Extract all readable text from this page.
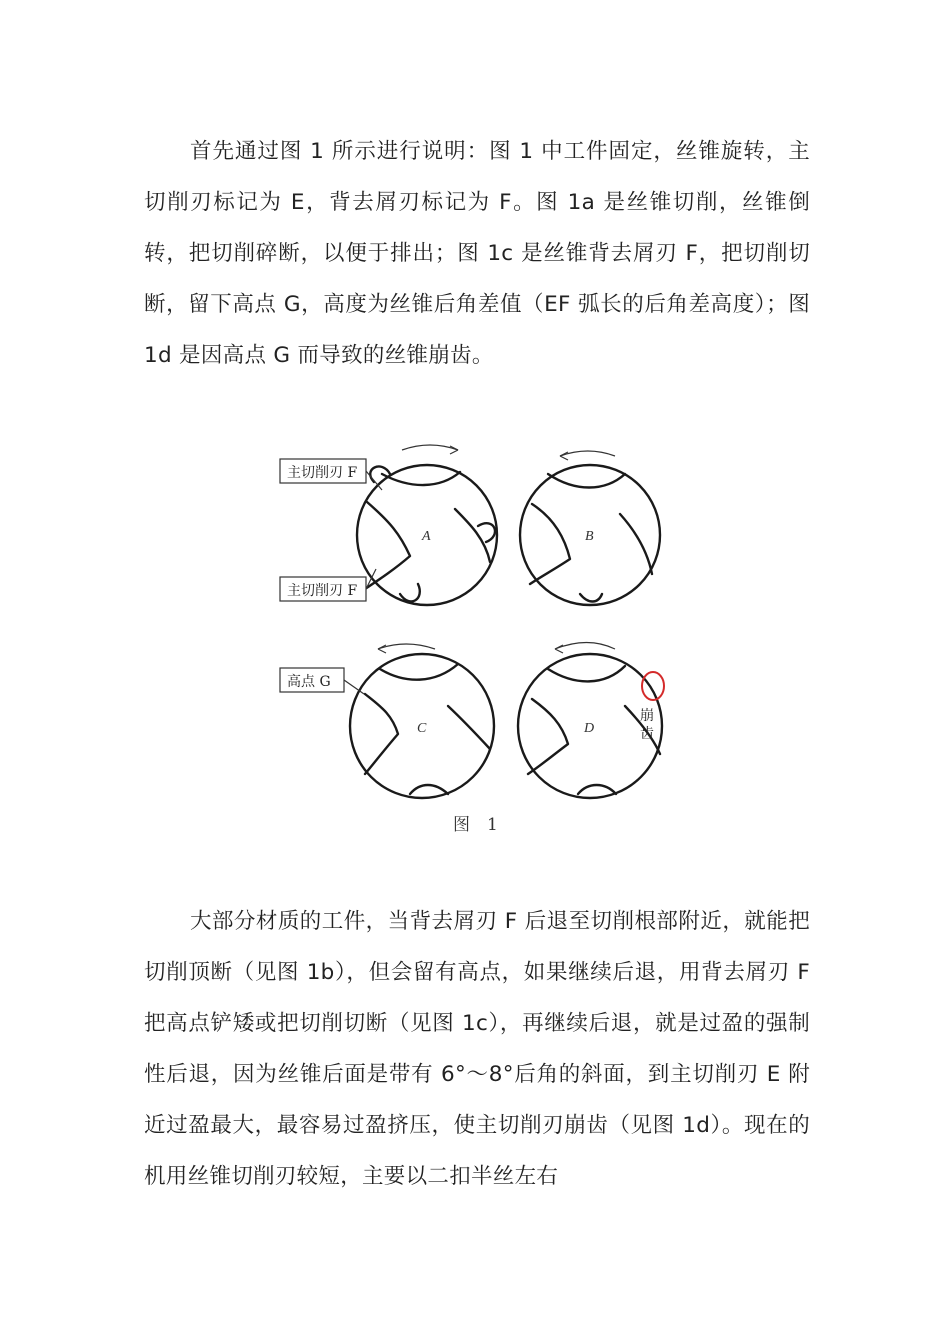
首先通过图 1 所示进行说明：图 1 中工件固定，丝锥旋转，主切削刃标记为 E，背去屑刃标记为 F。图 1a 是丝锥切削，丝锥倒转，把切削碎断，以便于排出；图 1c 是丝锥背去屑刃 F，把切削切断，留下高点 G，高度为丝锥后角差值（EF 弧长的后角差高度）；图 1d 是因高点 G 而导致的丝锥崩齿。

A	B
C	D
崩
齿
主切削刃 F
主切削刃 F
高点 G
图　1

大部分材质的工件，当背去屑刃 F 后退至切削根部附近，就能把切削顶断（见图 1b），但会留有高点，如果继续后退，用背去屑刃 F 把高点铲矮或把切削切断（见图 1c），再继续后退，就是过盈的强制性后退，因为丝锥后面是带有 6°～8°后角的斜面，到主切削刃 E 附近过盈最大，最容易过盈挤压，使主切削刃崩齿（见图 1d）。现在的机用丝锥切削刃较短，主要以二扣半丝左右
